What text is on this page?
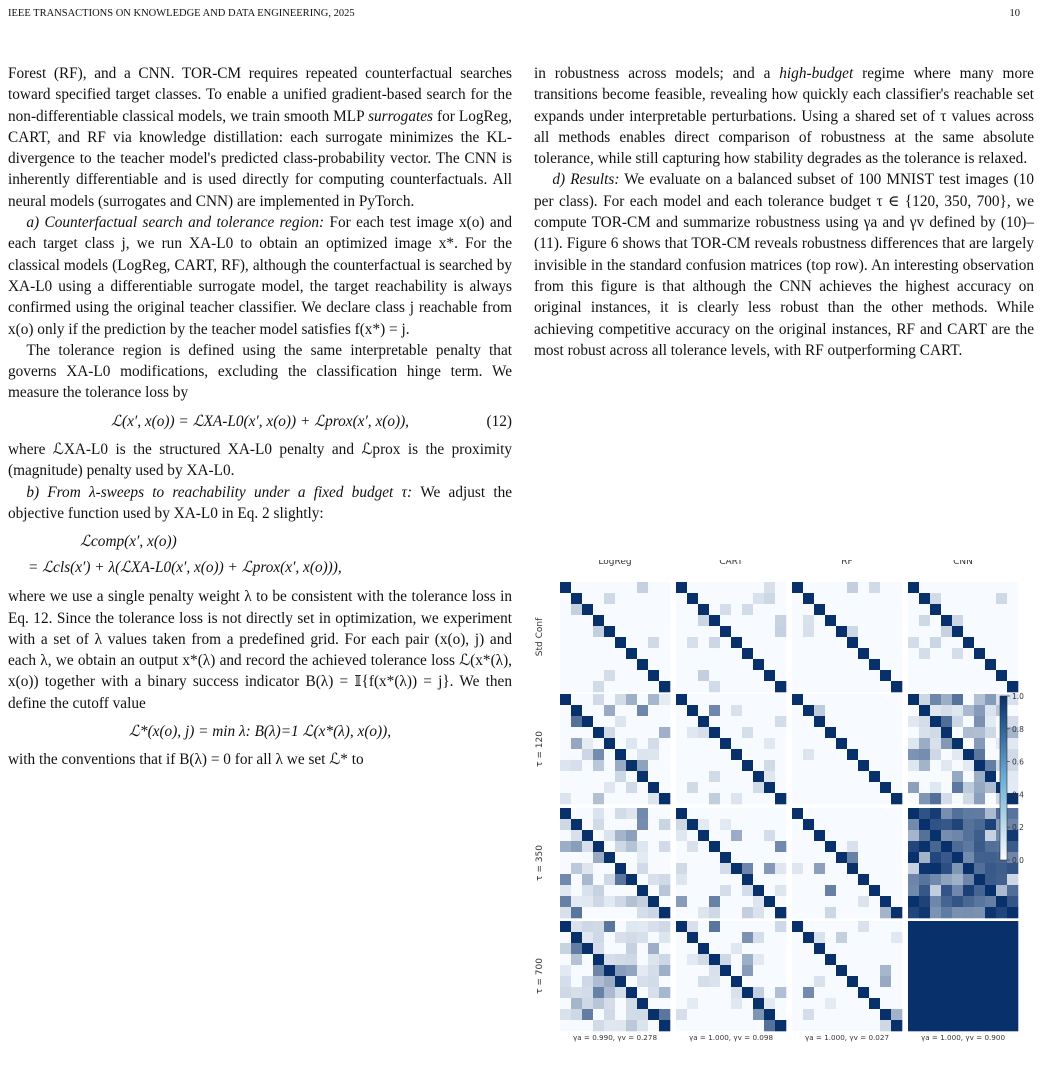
IEEE TRANSACTIONS ON KNOWLEDGE AND DATA ENGINEERING, 2025	10

Forest (RF), and a CNN. TOR-CM requires repeated counterfactual searches toward specified target classes. To enable a unified gradient-based search for the non-differentiable classical models, we train smooth MLP surrogates for LogReg, CART, and RF via knowledge distillation: each surrogate minimizes the KL-divergence to the teacher model's predicted class-probability vector. The CNN is inherently differentiable and is used directly for computing counterfactuals. All neural models (surrogates and CNN) are implemented in PyTorch.

a) Counterfactual search and tolerance region: For each test image x(o) and each target class j, we run XA-L0 to obtain an optimized image x*. For the classical models (LogReg, CART, RF), although the counterfactual is searched by XA-L0 using a differentiable surrogate model, the target reachability is always confirmed using the original teacher classifier. We declare class j reachable from x(o) only if the prediction by the teacher model satisfies f(x*) = j.

The tolerance region is defined using the same interpretable penalty that governs XA-L0 modifications, excluding the classification hinge term. We measure the tolerance loss by

ℒ(x′, x(o)) = ℒXA-L0(x′, x(o)) + ℒprox(x′, x(o)),	(12)

where ℒXA-L0 is the structured XA-L0 penalty and ℒprox is the proximity (magnitude) penalty used by XA-L0.

b) From λ-sweeps to reachability under a fixed budget τ: We adjust the objective function used by XA-L0 in Eq. 2 slightly:

ℒcomp(x′, x(o))
= ℒcls(x′) + λ(ℒXA-L0(x′, x(o)) + ℒprox(x′, x(o))),

where we use a single penalty weight λ to be consistent with the tolerance loss in Eq. 12. Since the tolerance loss is not directly set in optimization, we experiment with a set of λ values taken from a predefined grid. For each pair (x(o), j) and each λ, we obtain an output x*(λ) and record the achieved tolerance loss ℒ(x*(λ), x(o)) together with a binary success indicator B(λ) = 𝕀{f(x*(λ)) = j}. We then define the cutoff value

ℒ*(x(o), j) = min λ: B(λ)=1 ℒ(x*(λ), x(o)),

with the conventions that if B(λ) = 0 for all λ we set ℒ* to

in robustness across models; and a high-budget regime where many more transitions become feasible, revealing how quickly each classifier's reachable set expands under interpretable perturbations. Using a shared set of τ values across all methods enables direct comparison of robustness at the same absolute tolerance, while still capturing how stability degrades as the tolerance is relaxed.

d) Results: We evaluate on a balanced subset of 100 MNIST test images (10 per class). For each model and each tolerance budget τ ∈ {120, 350, 700}, we compute TOR-CM and summarize robustness using γa and γv defined by (10)–(11). Figure 6 shows that TOR-CM reveals robustness differences that are largely invisible in the standard confusion matrices (top row). An interesting observation from this figure is that although the CNN achieves the highest accuracy on original instances, it is clearly less robust than the other methods. While achieving competitive accuracy on the original instances, RF and CART are the most robust across all tolerance levels, with RF outperforming CART.

LogReg	CART	RF	CNN
Std Conf
τ = 120
τ = 350
τ = 700
γa = 0.990, γv = 0.278	γa = 1.000, γv = 0.098	γa = 1.000, γv = 0.027	γa = 1.000, γv = 0.900
1.0
0.8
0.6
0.4
0.2
0.0
